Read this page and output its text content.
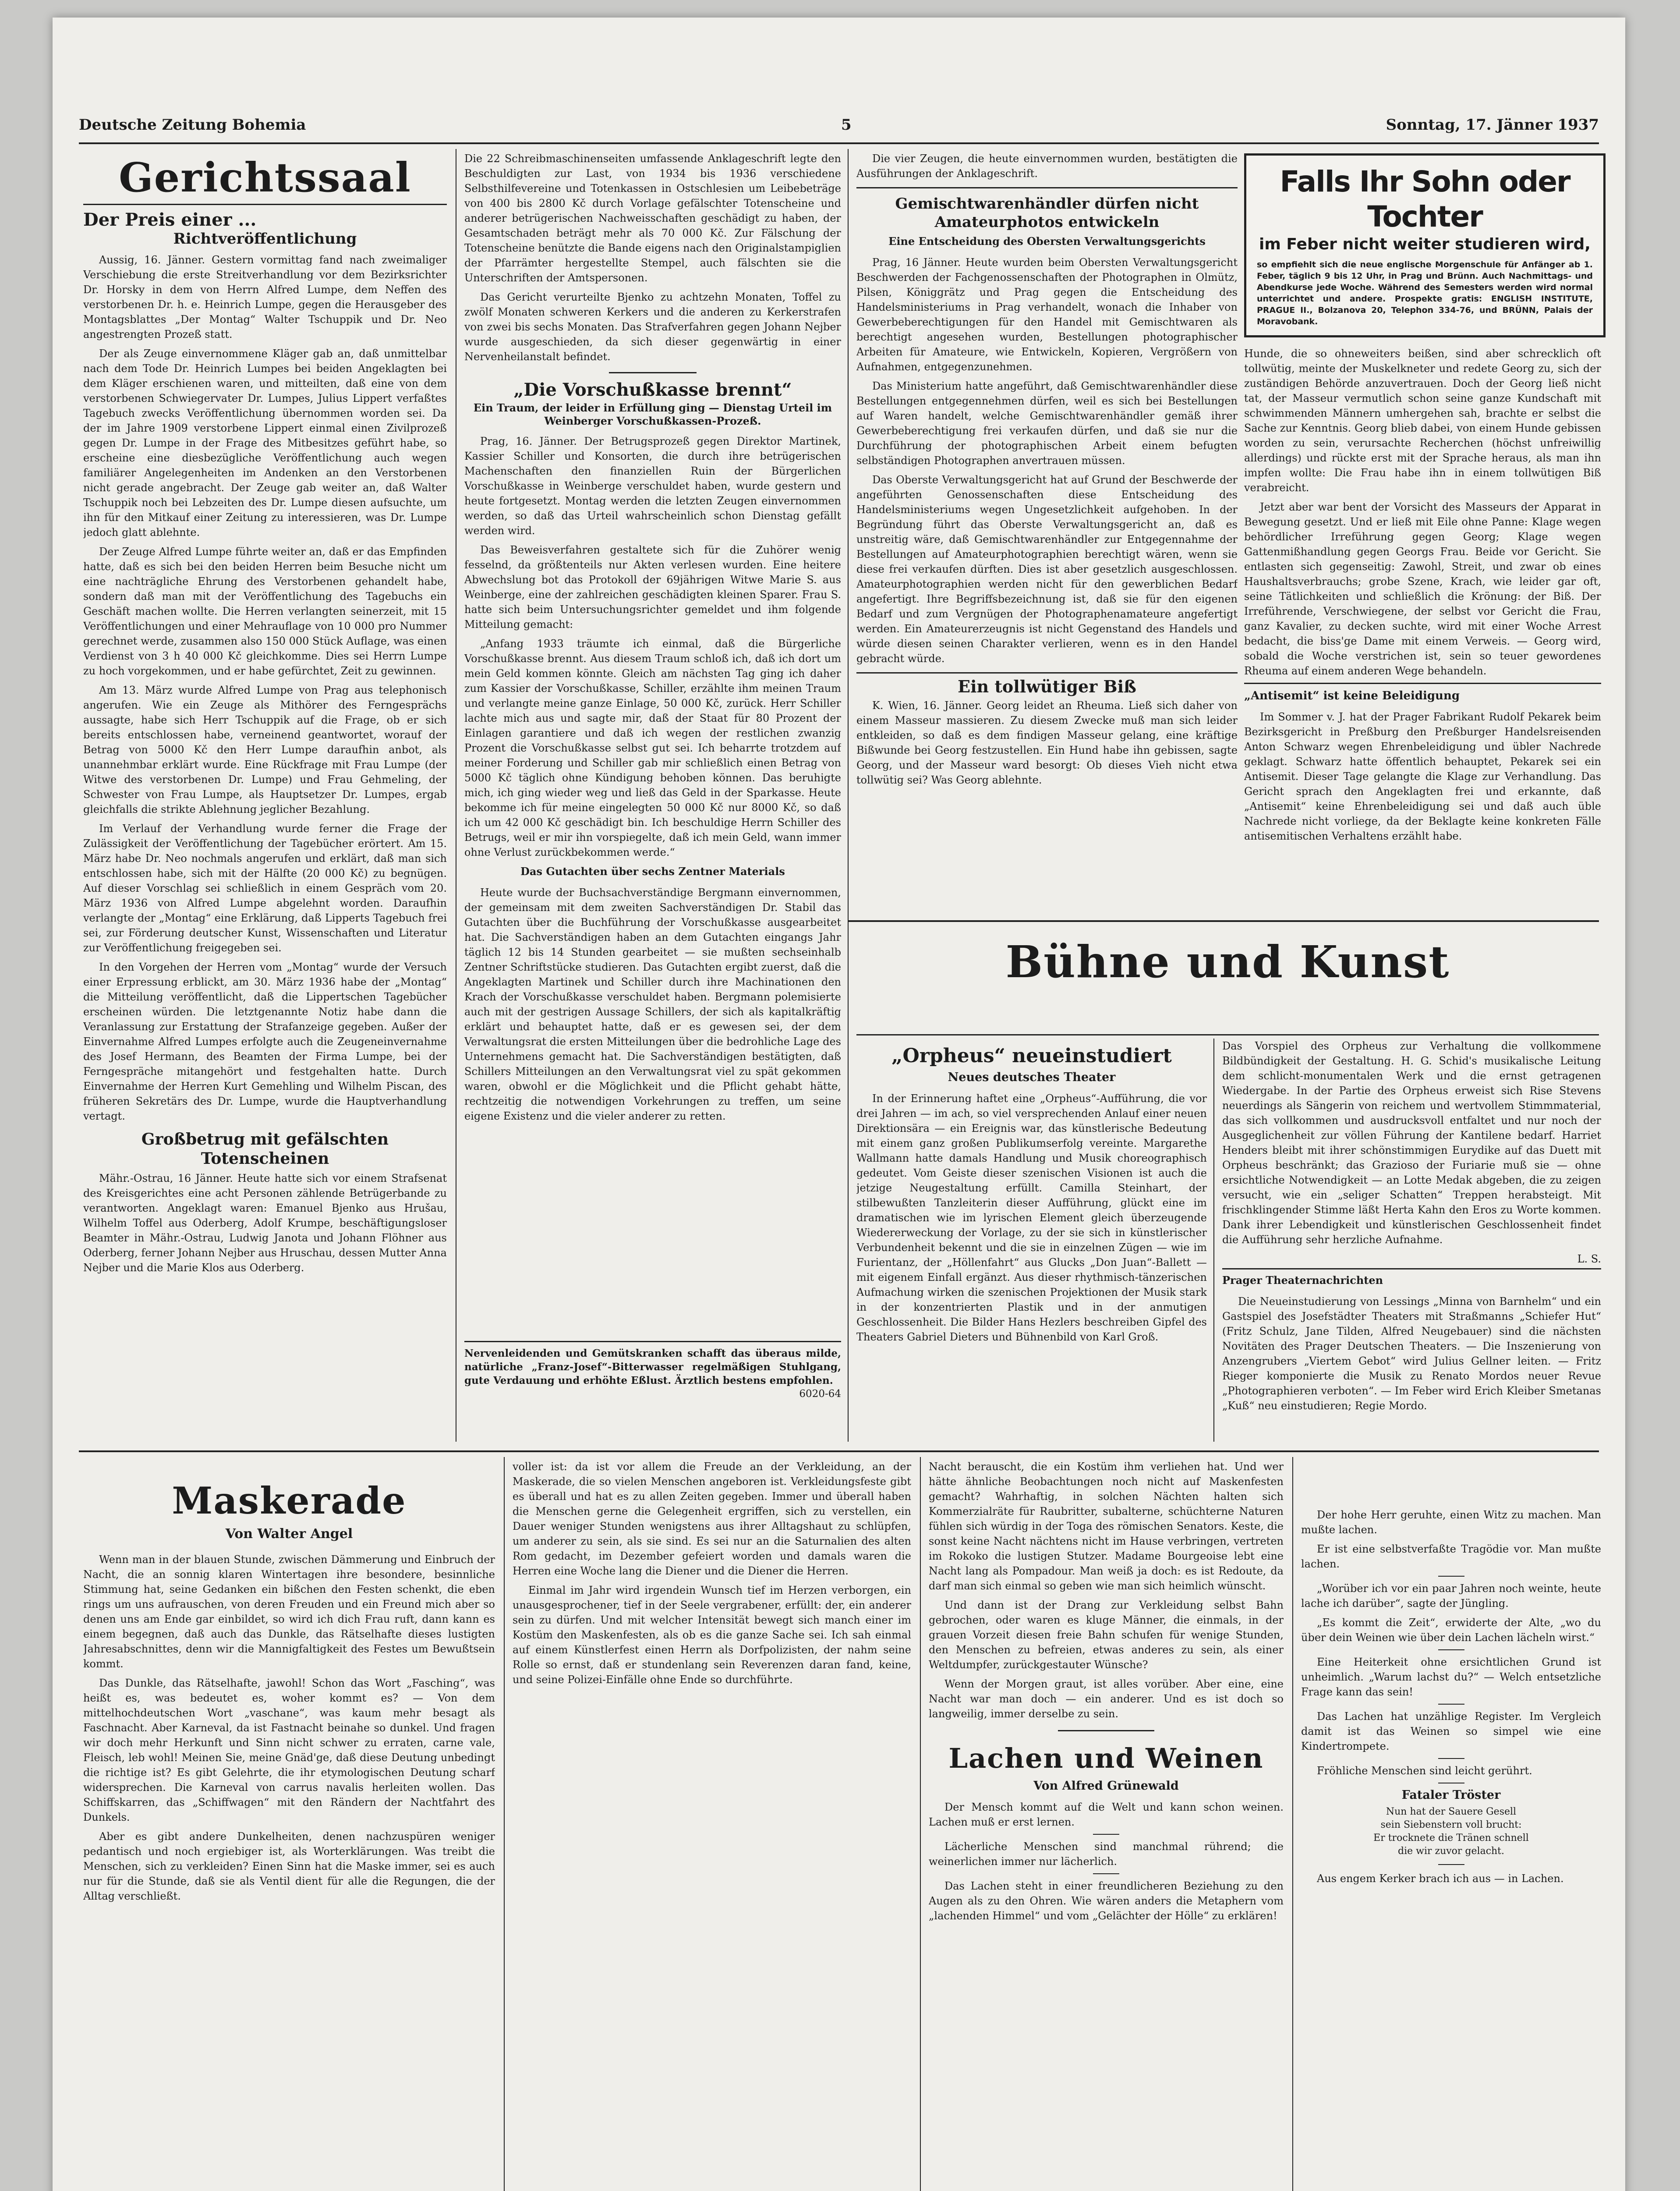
Deutsche Zeitung Bohemia	5	Sonntag, 17. Jänner 1937
Gerichtssaal
Der Preis einer ...
Richtveröffentlichung

Aussig, 16. Jänner. Gestern vormittag fand nach zweimaliger Verschiebung die erste Streitverhandlung vor dem Bezirksrichter Dr. Horsky in dem von Herrn Alfred Lumpe, dem Neffen des verstorbenen Dr. h. e. Heinrich Lumpe, gegen die Herausgeber des Montagsblattes „Der Montag“ Walter Tschuppik und Dr. Neo angestrengten Prozeß statt.

Der als Zeuge einvernommene Kläger gab an, daß unmittelbar nach dem Tode Dr. Heinrich Lumpes bei beiden Angeklagten bei dem Kläger erschienen waren, und mitteilten, daß eine von dem verstorbenen Schwiegervater Dr. Lumpes, Julius Lippert verfaßtes Tagebuch zwecks Veröffentlichung übernommen worden sei. Da der im Jahre 1909 verstorbene Lippert einmal einen Zivilprozeß gegen Dr. Lumpe in der Frage des Mitbesitzes geführt habe, so erscheine eine diesbezügliche Veröffentlichung auch wegen familiärer Angelegenheiten im Andenken an den Verstorbenen nicht gerade angebracht. Der Zeuge gab weiter an, daß Walter Tschuppik noch bei Lebzeiten des Dr. Lumpe diesen aufsuchte, um ihn für den Mitkauf einer Zeitung zu interessieren, was Dr. Lumpe jedoch glatt ablehnte.

Der Zeuge Alfred Lumpe führte weiter an, daß er das Empfinden hatte, daß es sich bei den beiden Herren beim Besuche nicht um eine nachträgliche Ehrung des Verstorbenen gehandelt habe, sondern daß man mit der Veröffentlichung des Tagebuchs ein Geschäft machen wollte. Die Herren verlangten seinerzeit, mit 15 Veröffentlichungen und einer Mehrauflage von 10 000 pro Nummer gerechnet werde, zusammen also 150 000 Stück Auflage, was einen Verdienst von 3 h 40 000 Kč gleichkomme. Dies sei Herrn Lumpe zu hoch vorgekommen, und er habe gefürchtet, Zeit zu gewinnen.

Am 13. März wurde Alfred Lumpe von Prag aus telephonisch angerufen. Wie ein Zeuge als Mithörer des Ferngesprächs aussagte, habe sich Herr Tschuppik auf die Frage, ob er sich bereits entschlossen habe, verneinend geantwortet, worauf der Betrag von 5000 Kč den Herr Lumpe daraufhin anbot, als unannehmbar erklärt wurde. Eine Rückfrage mit Frau Lumpe (der Witwe des verstorbenen Dr. Lumpe) und Frau Gehmeling, der Schwester von Frau Lumpe, als Hauptsetzer Dr. Lumpes, ergab gleichfalls die strikte Ablehnung jeglicher Bezahlung.

Im Verlauf der Verhandlung wurde ferner die Frage der Zulässigkeit der Veröffentlichung der Tagebücher erörtert. Am 15. März habe Dr. Neo nochmals angerufen und erklärt, daß man sich entschlossen habe, sich mit der Hälfte (20 000 Kč) zu begnügen. Auf dieser Vorschlag sei schließlich in einem Gespräch vom 20. März 1936 von Alfred Lumpe abgelehnt worden. Daraufhin verlangte der „Montag“ eine Erklärung, daß Lipperts Tagebuch frei sei, zur Förderung deutscher Kunst, Wissenschaften und Literatur zur Veröffentlichung freigegeben sei.

In den Vorgehen der Herren vom „Montag“ wurde der Versuch einer Erpressung erblickt, am 30. März 1936 habe der „Montag“ die Mitteilung veröffentlicht, daß die Lippertschen Tagebücher erscheinen würden. Die letztgenannte Notiz habe dann die Veranlassung zur Erstattung der Strafanzeige gegeben. Außer der Einvernahme Alfred Lumpes erfolgte auch die Zeugeneinvernahme des Josef Hermann, des Beamten der Firma Lumpe, bei der Ferngespräche mitangehört und festgehalten hatte. Durch Einvernahme der Herren Kurt Gemehling und Wilhelm Piscan, des früheren Sekretärs des Dr. Lumpe, wurde die Hauptverhandlung vertagt.

Großbetrug mit gefälschten Totenscheinen

Mähr.-Ostrau, 16 Jänner. Heute hatte sich vor einem Strafsenat des Kreisgerichtes eine acht Personen zählende Betrügerbande zu verantworten. Angeklagt waren: Emanuel Bjenko aus Hrušau, Wilhelm Toffel aus Oderberg, Adolf Krumpe, beschäftigungsloser Beamter in Mähr.-Ostrau, Ludwig Janota und Johann Flöhner aus Oderberg, ferner Johann Nejber aus Hruschau, dessen Mutter Anna Nejber und die Marie Klos aus Oderberg.

Die 22 Schreibmaschinenseiten umfassende Anklageschrift legte den Beschuldigten zur Last, von 1934 bis 1936 verschiedene Selbsthilfevereine und Totenkassen in Ostschlesien um Leibebeträge von 400 bis 2800 Kč durch Vorlage gefälschter Totenscheine und anderer betrügerischen Nachweisschaften geschädigt zu haben, der Gesamtschaden beträgt mehr als 70 000 Kč. Zur Fälschung der Totenscheine benützte die Bande eigens nach den Originalstampiglien der Pfarrämter hergestellte Stempel, auch fälschten sie die Unterschriften der Amtspersonen.

Das Gericht verurteilte Bjenko zu achtzehn Monaten, Toffel zu zwölf Monaten schweren Kerkers und die anderen zu Kerkerstrafen von zwei bis sechs Monaten. Das Strafverfahren gegen Johann Nejber wurde ausgeschieden, da sich dieser gegenwärtig in einer Nervenheilanstalt befindet.

„Die Vorschußkasse brennt“
Ein Traum, der leider in Erfüllung ging — Dienstag Urteil im Weinberger Vorschußkassen-Prozeß.

Prag, 16. Jänner. Der Betrugsprozeß gegen Direktor Martinek, Kassier Schiller und Konsorten, die durch ihre betrügerischen Machenschaften den finanziellen Ruin der Bürgerlichen Vorschußkasse in Weinberge verschuldet haben, wurde gestern und heute fortgesetzt. Montag werden die letzten Zeugen einvernommen werden, so daß das Urteil wahrscheinlich schon Dienstag gefällt werden wird.

Das Beweisverfahren gestaltete sich für die Zuhörer wenig fesselnd, da größtenteils nur Akten verlesen wurden. Eine heitere Abwechslung bot das Protokoll der 69jährigen Witwe Marie S. aus Weinberge, eine der zahlreichen geschädigten kleinen Sparer. Frau S. hatte sich beim Untersuchungsrichter gemeldet und ihm folgende Mitteilung gemacht:

„Anfang 1933 träumte ich einmal, daß die Bürgerliche Vorschußkasse brennt. Aus diesem Traum schloß ich, daß ich dort um mein Geld kommen könnte. Gleich am nächsten Tag ging ich daher zum Kassier der Vorschußkasse, Schiller, erzählte ihm meinen Traum und verlangte meine ganze Einlage, 50 000 Kč, zurück. Herr Schiller lachte mich aus und sagte mir, daß der Staat für 80 Prozent der Einlagen garantiere und daß ich wegen der restlichen zwanzig Prozent die Vorschußkasse selbst gut sei. Ich beharrte trotzdem auf meiner Forderung und Schiller gab mir schließlich einen Betrag von 5000 Kč täglich ohne Kündigung behoben können. Das beruhigte mich, ich ging wieder weg und ließ das Geld in der Sparkasse. Heute bekomme ich für meine eingelegten 50 000 Kč nur 8000 Kč, so daß ich um 42 000 Kč geschädigt bin. Ich beschuldige Herrn Schiller des Betrugs, weil er mir ihn vorspiegelte, daß ich mein Geld, wann immer ohne Verlust zurückbekommen werde.“

Das Gutachten über sechs Zentner Materials

Heute wurde der Buchsachverständige Bergmann einvernommen, der gemeinsam mit dem zweiten Sachverständigen Dr. Stabil das Gutachten über die Buchführung der Vorschußkasse ausgearbeitet hat. Die Sachverständigen haben an dem Gutachten eingangs Jahr täglich 12 bis 14 Stunden gearbeitet — sie mußten sechseinhalb Zentner Schriftstücke studieren. Das Gutachten ergibt zuerst, daß die Angeklagten Martinek und Schiller durch ihre Machinationen den Krach der Vorschußkasse verschuldet haben. Bergmann polemisierte auch mit der gestrigen Aussage Schillers, der sich als kapitalkräftig erklärt und behauptet hatte, daß er es gewesen sei, der dem Verwaltungsrat die ersten Mitteilungen über die bedrohliche Lage des Unternehmens gemacht hat. Die Sachverständigen bestätigten, daß Schillers Mitteilungen an den Verwaltungsrat viel zu spät gekommen waren, obwohl er die Möglichkeit und die Pflicht gehabt hätte, rechtzeitig die notwendigen Vorkehrungen zu treffen, um seine eigene Existenz und die vieler anderer zu retten.

Nervenleidenden und Gemütskranken schafft das überaus milde, natürliche „Franz-Josef“-Bitterwasser regelmäßigen Stuhlgang, gute Verdauung und erhöhte Eßlust. Ärztlich bestens empfohlen.
6020-64

Die vier Zeugen, die heute einvernommen wurden, bestätigten die Ausführungen der Anklageschrift.

Gemischtwarenhändler dürfen nicht Amateurphotos entwickeln
Eine Entscheidung des Obersten Verwaltungsgerichts

Prag, 16 Jänner. Heute wurden beim Obersten Verwaltungsgericht Beschwerden der Fachgenossenschaften der Photographen in Olmütz, Pilsen, Königgrätz und Prag gegen die Entscheidung des Handelsministeriums in Prag verhandelt, wonach die Inhaber von Gewerbeberechtigungen für den Handel mit Gemischtwaren als berechtigt angesehen wurden, Bestellungen photographischer Arbeiten für Amateure, wie Entwickeln, Kopieren, Vergrößern von Aufnahmen, entgegenzunehmen.

Das Ministerium hatte angeführt, daß Gemischtwarenhändler diese Bestellungen entgegennehmen dürfen, weil es sich bei Bestellungen auf Waren handelt, welche Gemischtwarenhändler gemäß ihrer Gewerbeberechtigung frei verkaufen dürfen, und daß sie nur die Durchführung der photographischen Arbeit einem befugten selbständigen Photographen anvertrauen müssen.

Das Oberste Verwaltungsgericht hat auf Grund der Beschwerde der angeführten Genossenschaften diese Entscheidung des Handelsministeriums wegen Ungesetzlichkeit aufgehoben. In der Begründung führt das Oberste Verwaltungsgericht an, daß es unstreitig wäre, daß Gemischtwarenhändler zur Entgegennahme der Bestellungen auf Amateurphotographien berechtigt wären, wenn sie diese frei verkaufen dürften. Dies ist aber gesetzlich ausgeschlossen. Amateurphotographien werden nicht für den gewerblichen Bedarf angefertigt. Ihre Begriffsbezeichnung ist, daß sie für den eigenen Bedarf und zum Vergnügen der Photographenamateure angefertigt werden. Ein Amateurerzeugnis ist nicht Gegenstand des Handels und würde diesen seinen Charakter verlieren, wenn es in den Handel gebracht würde.

Ein tollwütiger Biß

K. Wien, 16. Jänner. Georg leidet an Rheuma. Ließ sich daher von einem Masseur massieren. Zu diesem Zwecke muß man sich leider entkleiden, so daß es dem findigen Masseur gelang, eine kräftige Bißwunde bei Georg festzustellen. Ein Hund habe ihn gebissen, sagte Georg, und der Masseur ward besorgt: Ob dieses Vieh nicht etwa tollwütig sei? Was Georg ablehnte.

Falls Ihr Sohn oder Tochter
im Feber nicht weiter studieren wird,
so empfiehlt sich die neue englische Morgenschule für Anfänger ab 1. Feber, täglich 9 bis 12 Uhr, in Prag und Brünn. Auch Nachmittags- und Abendkurse jede Woche. Während des Semesters werden wird normal unterrichtet und andere. Prospekte gratis: ENGLISH INSTITUTE, PRAGUE II., Bolzanova 20, Telephon 334-76, und BRÜNN, Palais der Moravobank.

Hunde, die so ohneweiters beißen, sind aber schrecklich oft tollwütig, meinte der Muskelkneter und redete Georg zu, sich der zuständigen Behörde anzuvertrauen. Doch der Georg ließ nicht tat, der Masseur vermutlich schon seine ganze Kundschaft mit schwimmenden Männern umhergehen sah, brachte er selbst die Sache zur Kenntnis. Georg blieb dabei, von einem Hunde gebissen worden zu sein, verursachte Recherchen (höchst unfreiwillig allerdings) und rückte erst mit der Sprache heraus, als man ihn impfen wollte: Die Frau habe ihn in einem tollwütigen Biß verabreicht.

Jetzt aber war bent der Vorsicht des Masseurs der Apparat in Bewegung gesetzt. Und er ließ mit Eile ohne Panne: Klage wegen behördlicher Irreführung gegen Georg; Klage wegen Gattenmißhandlung gegen Georgs Frau. Beide vor Gericht. Sie entlasten sich gegenseitig: Zawohl, Streit, und zwar ob eines Haushaltsverbrauchs; grobe Szene, Krach, wie leider gar oft, seine Tätlichkeiten und schließlich die Krönung: der Biß. Der Irreführende, Verschwiegene, der selbst vor Gericht die Frau, ganz Kavalier, zu decken suchte, wird mit einer Woche Arrest bedacht, die biss'ge Dame mit einem Verweis. — Georg wird, sobald die Woche verstrichen ist, sein so teuer gewordenes Rheuma auf einem anderen Wege behandeln.

„Antisemit“ ist keine Beleidigung

Im Sommer v. J. hat der Prager Fabrikant Rudolf Pekarek beim Bezirksgericht in Preßburg den Preßburger Handelsreisenden Anton Schwarz wegen Ehrenbeleidigung und übler Nachrede geklagt. Schwarz hatte öffentlich behauptet, Pekarek sei ein Antisemit. Dieser Tage gelangte die Klage zur Verhandlung. Das Gericht sprach den Angeklagten frei und erkannte, daß „Antisemit“ keine Ehrenbeleidigung sei und daß auch üble Nachrede nicht vorliege, da der Beklagte keine konkreten Fälle antisemitischen Verhaltens erzählt habe.

Bühne und Kunst
„Orpheus“ neueinstudiert
Neues deutsches Theater

In der Erinnerung haftet eine „Orpheus“-Aufführung, die vor drei Jahren — im ach, so viel versprechenden Anlauf einer neuen Direktionsära — ein Ereignis war, das künstlerische Bedeutung mit einem ganz großen Publikumserfolg vereinte. Margarethe Wallmann hatte damals Handlung und Musik choreographisch gedeutet. Vom Geiste dieser szenischen Visionen ist auch die jetzige Neugestaltung erfüllt. Camilla Steinhart, der stilbewußten Tanzleiterin dieser Aufführung, glückt eine im dramatischen wie im lyrischen Element gleich überzeugende Wiedererweckung der Vorlage, zu der sie sich in künstlerischer Verbundenheit bekennt und die sie in einzelnen Zügen — wie im Furientanz, der „Höllenfahrt“ aus Glucks „Don Juan“-Ballett — mit eigenem Einfall ergänzt. Aus dieser rhythmisch-tänzerischen Aufmachung wirken die szenischen Projektionen der Musik stark in der konzentrierten Plastik und in der anmutigen Geschlossenheit. Die Bilder Hans Hezlers beschreiben Gipfel des Theaters Gabriel Dieters und Bühnenbild von Karl Groß.

Das Vorspiel des Orpheus zur Verhaltung die vollkommene Bildbündigkeit der Gestaltung. H. G. Schid's musikalische Leitung dem schlicht-monumentalen Werk und die ernst getragenen Wiedergabe. In der Partie des Orpheus erweist sich Rise Stevens neuerdings als Sängerin von reichem und wertvollem Stimmmaterial, das sich vollkommen und ausdrucksvoll entfaltet und nur noch der Ausgeglichenheit zur völlen Führung der Kantilene bedarf. Harriet Henders bleibt mit ihrer schönstimmigen Eurydike auf das Duett mit Orpheus beschränkt; das Grazioso der Furiarie muß sie — ohne ersichtliche Notwendigkeit — an Lotte Medak abgeben, die zu zeigen versucht, wie ein „seliger Schatten“ Treppen herabsteigt. Mit frischklingender Stimme läßt Herta Kahn den Eros zu Worte kommen. Dank ihrer Lebendigkeit und künstlerischen Geschlossenheit findet die Aufführung sehr herzliche Aufnahme.

L. S.
Prager Theaternachrichten

Die Neueinstudierung von Lessings „Minna von Barnhelm“ und ein Gastspiel des Josefstädter Theaters mit Straßmanns „Schiefer Hut“ (Fritz Schulz, Jane Tilden, Alfred Neugebauer) sind die nächsten Novitäten des Prager Deutschen Theaters. — Die Inszenierung von Anzengrubers „Viertem Gebot“ wird Julius Gellner leiten. — Fritz Rieger komponierte die Musik zu Renato Mordos neuer Revue „Photographieren verboten“. — Im Feber wird Erich Kleiber Smetanas „Kuß“ neu einstudieren; Regie Mordo.

Maskerade
Von Walter Angel

Wenn man in der blauen Stunde, zwischen Dämmerung und Einbruch der Nacht, die an sonnig klaren Wintertagen ihre besondere, besinnliche Stimmung hat, seine Gedanken ein bißchen den Festen schenkt, die eben rings um uns aufrauschen, von deren Freuden und ein Freund mich aber so denen uns am Ende gar einbildet, so wird ich dich Frau ruft, dann kann es einem begegnen, daß auch das Dunkle, das Rätselhafte dieses lustigten Jahresabschnittes, denn wir die Mannigfaltigkeit des Festes um Bewußtsein kommt.

Das Dunkle, das Rätselhafte, jawohl! Schon das Wort „Fasching“, was heißt es, was bedeutet es, woher kommt es? — Von dem mittelhochdeutschen Wort „vaschane“, was kaum mehr besagt als Faschnacht. Aber Karneval, da ist Fastnacht beinahe so dunkel. Und fragen wir doch mehr Herkunft und Sinn nicht schwer zu erraten, carne vale, Fleisch, leb wohl! Meinen Sie, meine Gnäd'ge, daß diese Deutung unbedingt die richtige ist? Es gibt Gelehrte, die ihr etymologischen Deutung scharf widersprechen. Die Karneval von carrus navalis herleiten wollen. Das Schiffskarren, das „Schiffwagen“ mit den Rändern der Nachtfahrt des Dunkels.

Aber es gibt andere Dunkelheiten, denen nachzuspüren weniger pedantisch und noch ergiebiger ist, als Worterklärungen. Was treibt die Menschen, sich zu verkleiden? Einen Sinn hat die Maske immer, sei es auch nur für die Stunde, daß sie als Ventil dient für alle die Regungen, die der Alltag verschließt.

voller ist: da ist vor allem die Freude an der Verkleidung, an der Maskerade, die so vielen Menschen angeboren ist. Verkleidungsfeste gibt es überall und hat es zu allen Zeiten gegeben. Immer und überall haben die Menschen gerne die Gelegenheit ergriffen, sich zu verstellen, ein Dauer weniger Stunden wenigstens aus ihrer Alltagshaut zu schlüpfen, um anderer zu sein, als sie sind. Es sei nur an die Saturnalien des alten Rom gedacht, im Dezember gefeiert worden und damals waren die Herren eine Woche lang die Diener und die Diener die Herren.

Einmal im Jahr wird irgendein Wunsch tief im Herzen verborgen, ein unausgesprochener, tief in der Seele vergrabener, erfüllt: der, ein anderer sein zu dürfen. Und mit welcher Intensität bewegt sich manch einer im Kostüm den Maskenfesten, als ob es die ganze Sache sei. Ich sah einmal auf einem Künstlerfest einen Herrn als Dorfpolizisten, der nahm seine Rolle so ernst, daß er stundenlang sein Reverenzen daran fand, keine, und seine Polizei-Einfälle ohne Ende so durchführte.

Nacht berauscht, die ein Kostüm ihm verliehen hat. Und wer hätte ähnliche Beobachtungen noch nicht auf Maskenfesten gemacht? Wahrhaftig, in solchen Nächten halten sich Kommerzialräte für Raubritter, subalterne, schüchterne Naturen fühlen sich würdig in der Toga des römischen Senators. Keste, die sonst keine Nacht nächtens nicht im Hause verbringen, vertreten im Rokoko die lustigen Stutzer. Madame Bourgeoise lebt eine Nacht lang als Pompadour. Man weiß ja doch: es ist Redoute, da darf man sich einmal so geben wie man sich heimlich wünscht.

Und dann ist der Drang zur Verkleidung selbst Bahn gebrochen, oder waren es kluge Männer, die einmals, in der grauen Vorzeit diesen freie Bahn schufen für wenige Stunden, den Menschen zu befreien, etwas anderes zu sein, als einer Weltdumpfer, zurückgestauter Wünsche?

Wenn der Morgen graut, ist alles vorüber. Aber eine, eine Nacht war man doch — ein anderer. Und es ist doch so langweilig, immer derselbe zu sein.

Lachen und Weinen
Von Alfred Grünewald

Der Mensch kommt auf die Welt und kann schon weinen. Lachen muß er erst lernen.

Lächerliche Menschen sind manchmal rührend; die weinerlichen immer nur lächerlich.

Das Lachen steht in einer freundlicheren Beziehung zu den Augen als zu den Ohren. Wie wären anders die Metaphern vom „lachenden Himmel“ und vom „Gelächter der Hölle“ zu erklären!

Der hohe Herr geruhte, einen Witz zu machen. Man mußte lachen.

Er ist eine selbstverfaßte Tragödie vor. Man mußte lachen.

„Worüber ich vor ein paar Jahren noch weinte, heute lache ich darüber“, sagte der Jüngling.

„Es kommt die Zeit“, erwiderte der Alte, „wo du über dein Weinen wie über dein Lachen lächeln wirst.“

Eine Heiterkeit ohne ersichtlichen Grund ist unheimlich. „Warum lachst du?“ — Welch entsetzliche Frage kann das sein!

Das Lachen hat unzählige Register. Im Vergleich damit ist das Weinen so simpel wie eine Kindertrompete.

Fröhliche Menschen sind leicht gerührt.

Fataler Tröster
Nun hat der Sauere Gesell
sein Siebenstern voll brucht:
Er trocknete die Tränen schnell
die wir zuvor gelacht.

Aus engem Kerker brach ich aus — in Lachen.
